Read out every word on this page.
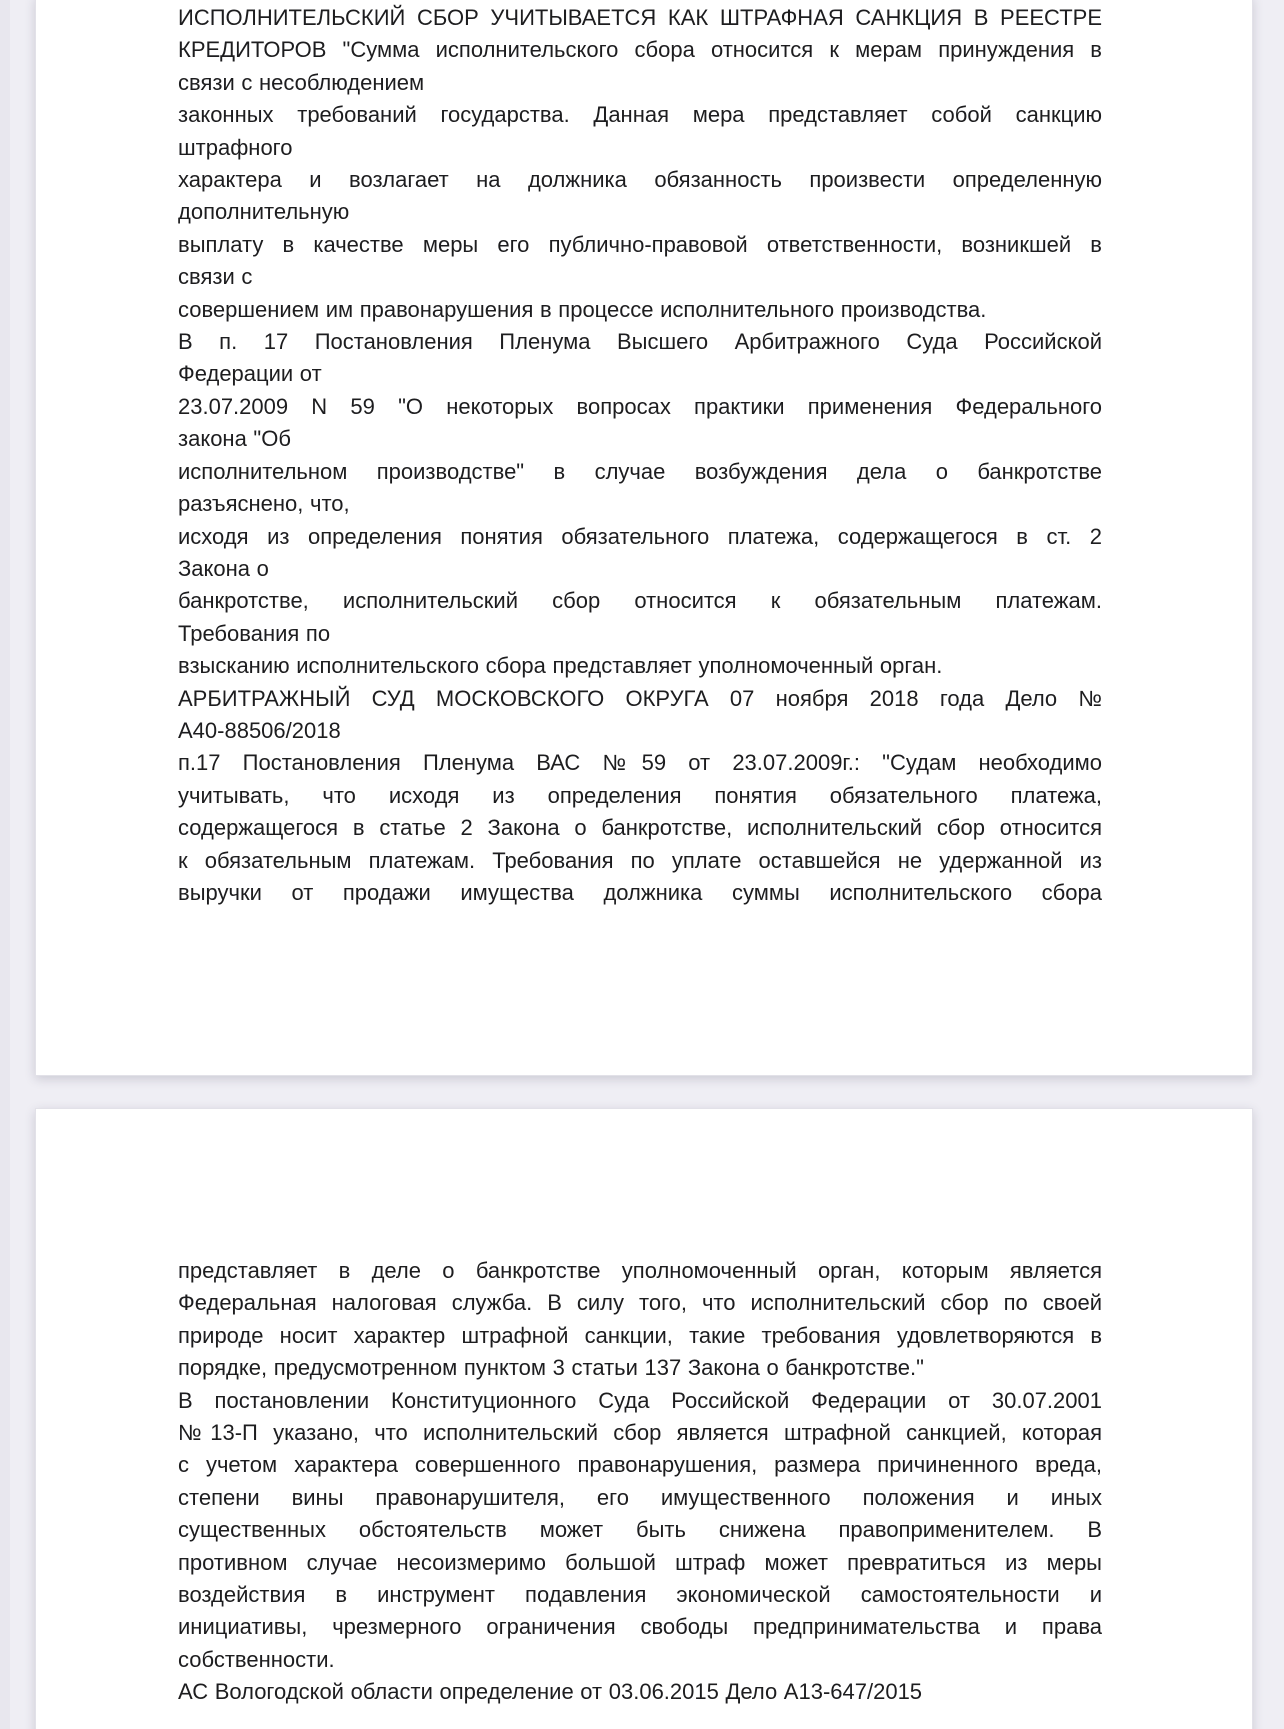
ИСПОЛНИТЕЛЬСКИЙ СБОР УЧИТЫВАЕТСЯ КАК ШТРАФНАЯ САНКЦИЯ В РЕЕСТРЕ
КРЕДИТОРОВ "Сумма исполнительского сбора относится к мерам принуждения в
связи с несоблюдением
законных требований государства. Данная мера представляет собой санкцию
штрафного
характера и возлагает на должника обязанность произвести определенную
дополнительную
выплату в качестве меры его публично-правовой ответственности, возникшей в
связи с
совершением им правонарушения в процессе исполнительного производства.
В п. 17 Постановления Пленума Высшего Арбитражного Суда Российской
Федерации от
23.07.2009 N 59 "О некоторых вопросах практики применения Федерального
закона "Об
исполнительном производстве" в случае возбуждения дела о банкротстве
разъяснено, что,
исходя из определения понятия обязательного платежа, содержащегося в ст. 2
Закона о
банкротстве, исполнительский сбор относится к обязательным платежам.
Требования по
взысканию исполнительского сбора представляет уполномоченный орган.
АРБИТРАЖНЫЙ СУД МОСКОВСКОГО ОКРУГА 07 ноября 2018 года Дело №
А40-88506/2018
п.17 Постановления Пленума ВАС №59 от 23.07.2009г.: "Судам необходимо
учитывать, что исходя из определения понятия обязательного платежа,
содержащегося в статье 2 Закона о банкротстве, исполнительский сбор относится
к обязательным платежам. Требования по уплате оставшейся не удержанной из
выручки от продажи имущества должника суммы исполнительского сбора
представляет в деле о банкротстве уполномоченный орган, которым является
Федеральная налоговая служба. В силу того, что исполнительский сбор по своей
природе носит характер штрафной санкции, такие требования удовлетворяются в
порядке, предусмотренном пунктом 3 статьи 137 Закона о банкротстве."
В постановлении Конституционного Суда Российской Федерации от 30.07.2001
№13-П указано, что исполнительский сбор является штрафной санкцией, которая
с учетом характера совершенного правонарушения, размера причиненного вреда,
степени вины правонарушителя, его имущественного положения и иных
существенных обстоятельств может быть снижена правоприменителем. В
противном случае несоизмеримо большой штраф может превратиться из меры
воздействия в инструмент подавления экономической самостоятельности и
инициативы, чрезмерного ограничения свободы предпринимательства и права
собственности.
АС Вологодской области определение от 03.06.2015 Дело А13-647/2015
